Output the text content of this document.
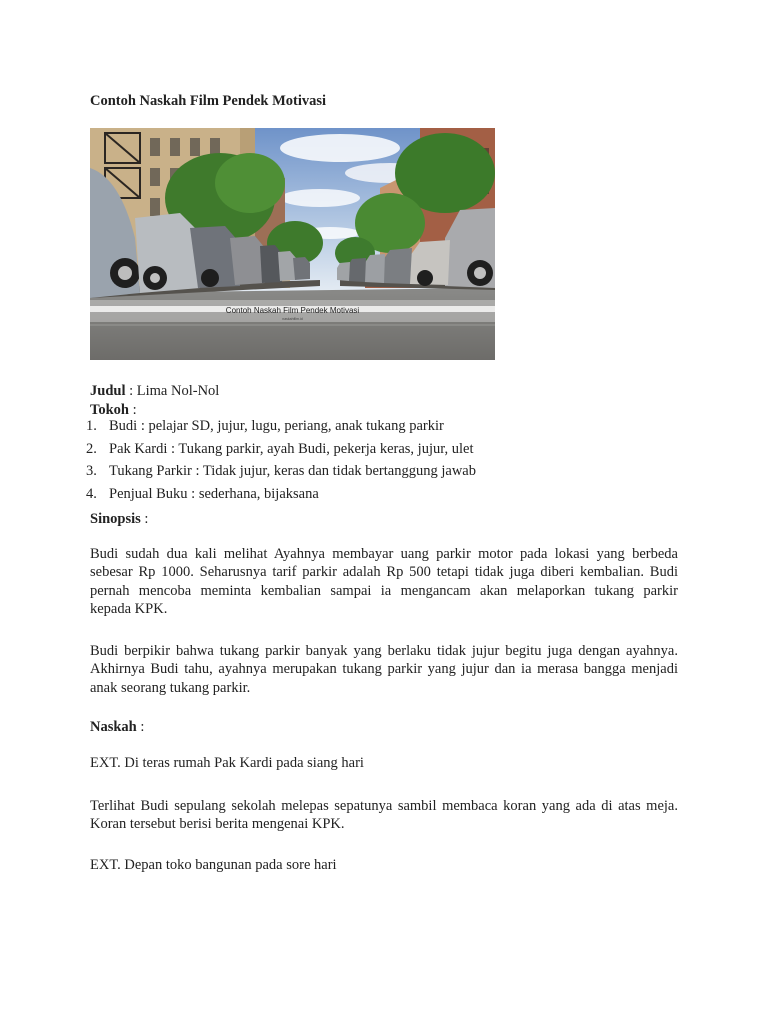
Contoh Naskah Film Pendek Motivasi
Contoh Naskah Film Pendek Motivasi
naskahfilm.id
Judul : Lima Nol-Nol
Tokoh :
1. Budi : pelajar SD, jujur, lugu, periang, anak tukang parkir
2. Pak Kardi : Tukang parkir, ayah Budi, pekerja keras, jujur, ulet
3. Tukang Parkir : Tidak jujur, keras dan tidak bertanggung jawab
4. Penjual Buku : sederhana, bijaksana
Sinopsis :
Budi sudah dua kali melihat Ayahnya membayar uang parkir motor pada lokasi yang berbeda
sebesar Rp 1000. Seharusnya tarif parkir adalah Rp 500 tetapi tidak juga diberi kembalian. Budi
pernah mencoba meminta kembalian sampai ia mengancam akan melaporkan tukang parkir
kepada KPK.
Budi berpikir bahwa tukang parkir banyak yang berlaku tidak jujur begitu juga dengan ayahnya.
Akhirnya Budi tahu, ayahnya merupakan tukang parkir yang jujur dan ia merasa bangga menjadi
anak seorang tukang parkir.
Naskah :
EXT. Di teras rumah Pak Kardi pada siang hari
Terlihat Budi sepulang sekolah melepas sepatunya sambil membaca koran yang ada di atas meja.
Koran tersebut berisi berita mengenai KPK.
EXT. Depan toko bangunan pada sore hari
